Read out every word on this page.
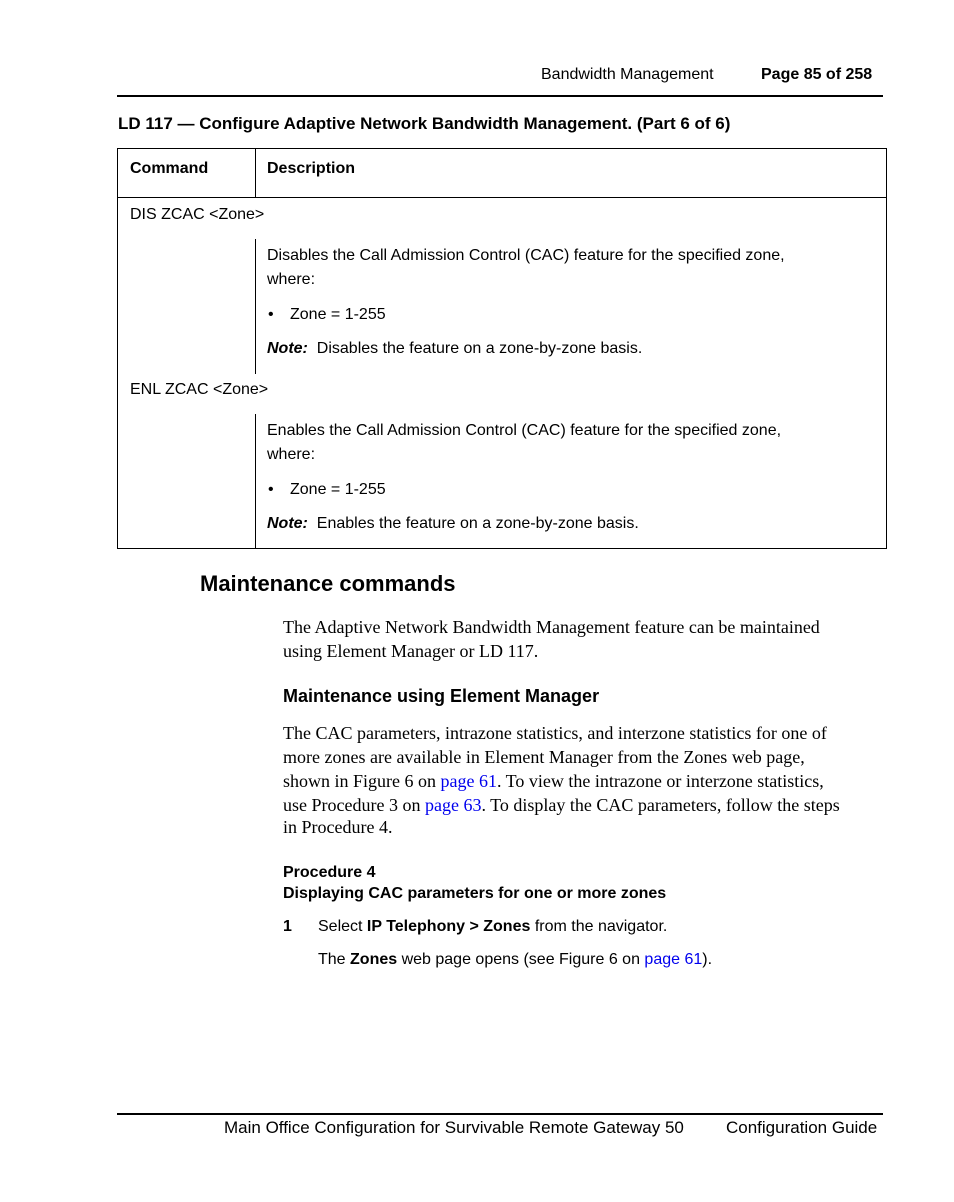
Bandwidth Management	Page 85 of 258
LD 117 — Configure Adaptive Network Bandwidth Management. (Part 6 of 6)
Command	Description
DIS ZCAC <Zone>
Disables the Call Admission Control (CAC) feature for the specified zone,
where:
• Zone = 1-255
Note: Disables the feature on a zone-by-zone basis.
ENL ZCAC <Zone>
Enables the Call Admission Control (CAC) feature for the specified zone,
where:
• Zone = 1-255
Note: Enables the feature on a zone-by-zone basis.
Maintenance commands
The Adaptive Network Bandwidth Management feature can be maintained
using Element Manager or LD 117.
Maintenance using Element Manager
The CAC parameters, intrazone statistics, and interzone statistics for one of
more zones are available in Element Manager from the Zones web page,
shown in Figure 6 on page 61. To view the intrazone or interzone statistics,
use Procedure 3 on page 63. To display the CAC parameters, follow the steps
in Procedure 4.
Procedure 4
Displaying CAC parameters for one or more zones
1 Select IP Telephony > Zones from the navigator.
The Zones web page opens (see Figure 6 on page 61).
Main Office Configuration for Survivable Remote Gateway 50 Configuration Guide
